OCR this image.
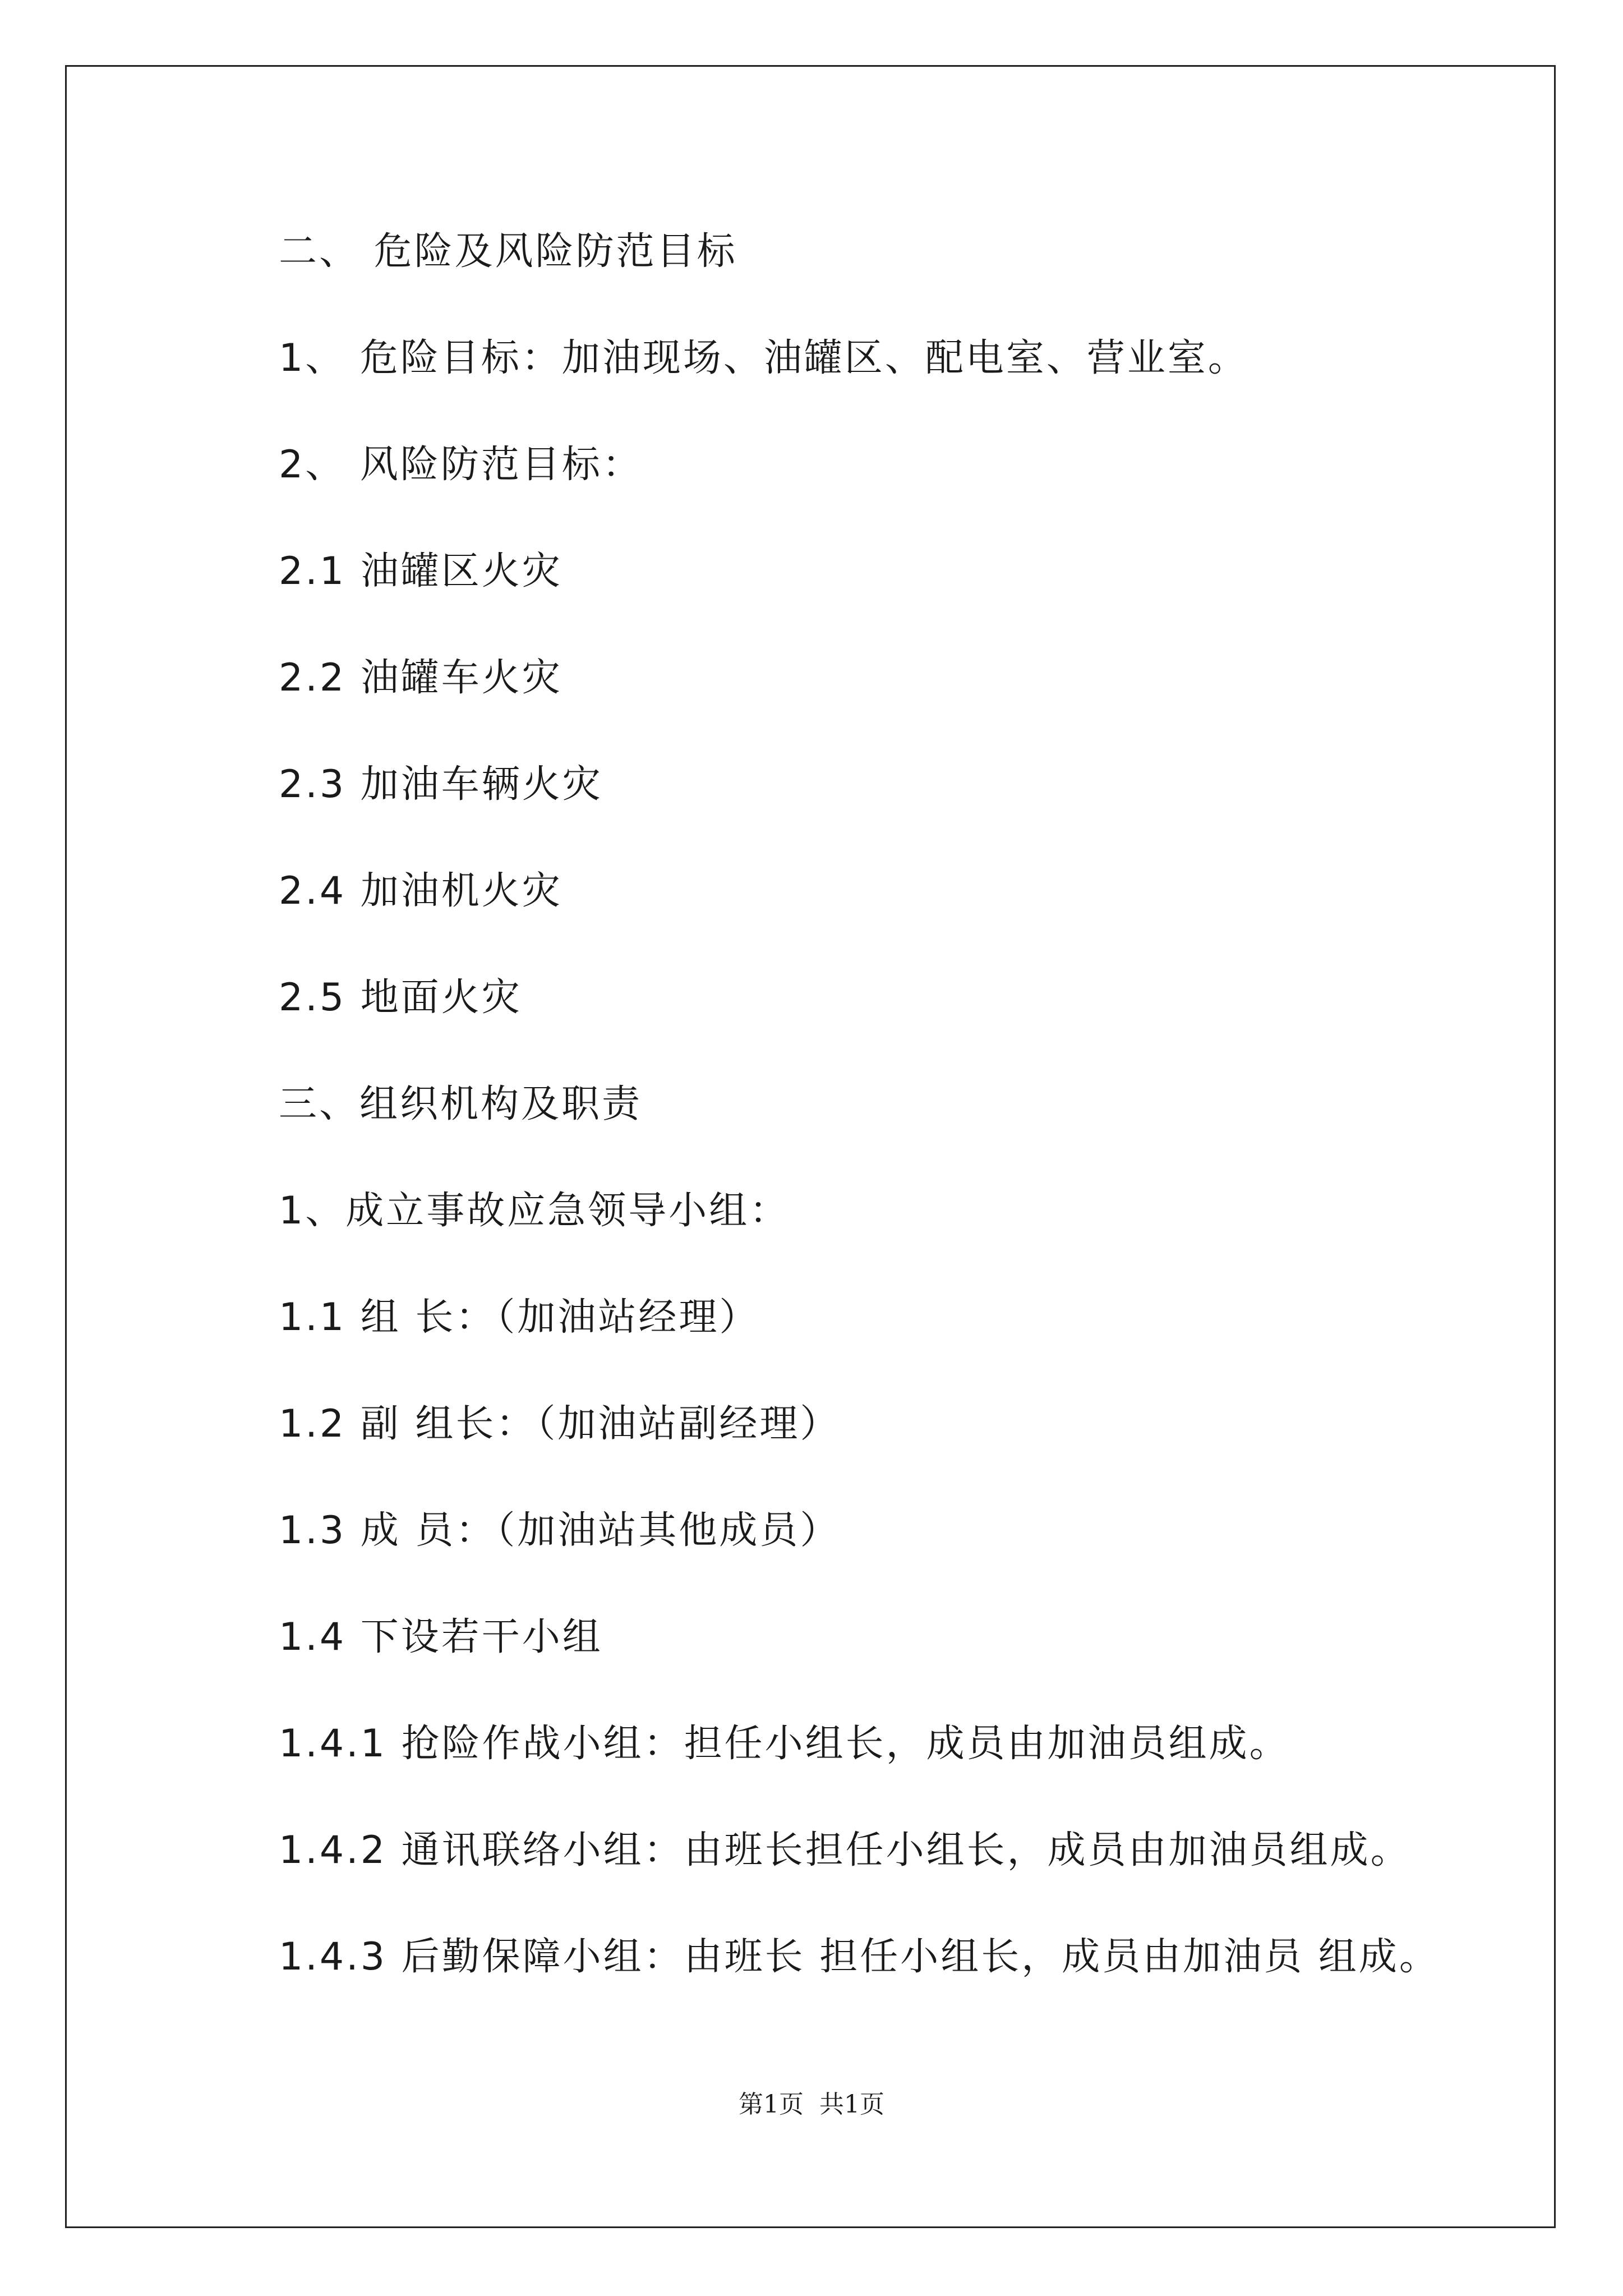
二、 危险及风险防范目标
1、 危险目标：加油现场、油罐区、配电室、营业室。
2、 风险防范目标：
2.1 油罐区火灾
2.2 油罐车火灾
2.3 加油车辆火灾
2.4 加油机火灾
2.5 地面火灾
三、组织机构及职责
1、成立事故应急领导小组：
1.1 组 长：（加油站经理）
1.2 副 组长：（加油站副经理）
1.3 成 员：（加油站其他成员）
1.4 下设若干小组
1.4.1 抢险作战小组：担任小组长，成员由加油员组成。
1.4.2 通讯联络小组：由班长担任小组长，成员由加油员组成。
1.4.3 后勤保障小组：由班长 担任小组长，成员由加油员 组成。
第1页  共1页
